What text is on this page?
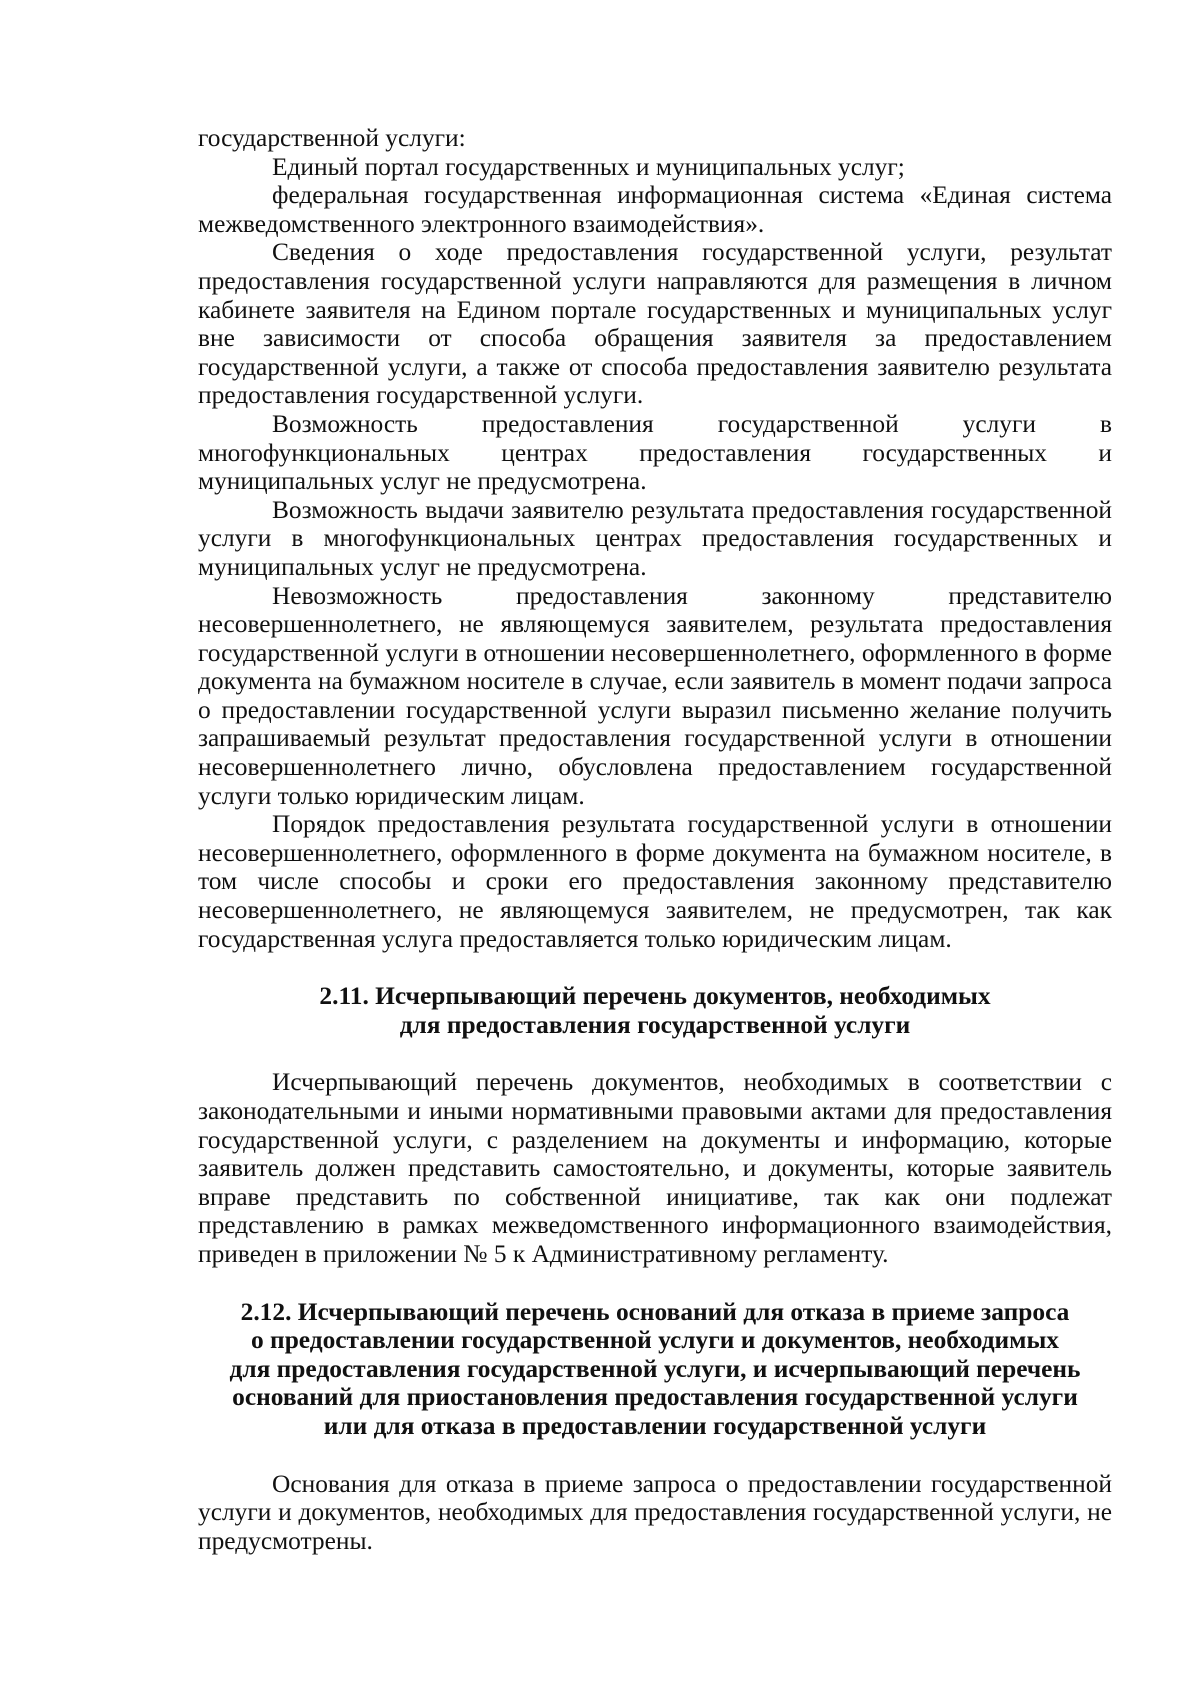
государственной услуги:

Единый портал государственных и муниципальных услуг;

федеральная государственная информационная система «Единая система межведомственного электронного взаимодействия».

Сведения о ходе предоставления государственной услуги, результат предоставления государственной услуги направляются для размещения в личном кабинете заявителя на Едином портале государственных и муниципальных услуг вне зависимости от способа обращения заявителя за предоставлением государственной услуги, а также от способа предоставления заявителю результата предоставления государственной услуги.

Возможность предоставления государственной услуги в многофункциональных центрах предоставления государственных и муниципальных услуг не предусмотрена.

Возможность выдачи заявителю результата предоставления государственной услуги в многофункциональных центрах предоставления государственных и муниципальных услуг не предусмотрена.

Невозможность предоставления законному представителю несовершеннолетнего, не являющемуся заявителем, результата предоставления государственной услуги в отношении несовершеннолетнего, оформленного в форме документа на бумажном носителе в случае, если заявитель в момент подачи запроса о предоставлении государственной услуги выразил письменно желание получить запрашиваемый результат предоставления государственной услуги в отношении несовершеннолетнего лично, обусловлена предоставлением государственной услуги только юридическим лицам.

Порядок предоставления результата государственной услуги в отношении несовершеннолетнего, оформленного в форме документа на бумажном носителе, в том числе способы и сроки его предоставления законному представителю несовершеннолетнего, не являющемуся заявителем, не предусмотрен, так как государственная услуга предоставляется только юридическим лицам.

2.11. Исчерпывающий перечень документов, необходимых
для предоставления государственной услуги

Исчерпывающий перечень документов, необходимых в соответствии с законодательными и иными нормативными правовыми актами для предоставления государственной услуги, с разделением на документы и информацию, которые заявитель должен представить самостоятельно, и документы, которые заявитель вправе представить по собственной инициативе, так как они подлежат представлению в рамках межведомственного информационного взаимодействия, приведен в приложении № 5 к Административному регламенту.

2.12. Исчерпывающий перечень оснований для отказа в приеме запроса
о предоставлении государственной услуги и документов, необходимых
для предоставления государственной услуги, и исчерпывающий перечень
оснований для приостановления предоставления государственной услуги
или для отказа в предоставлении государственной услуги

Основания для отказа в приеме запроса о предоставлении государственной услуги и документов, необходимых для предоставления государственной услуги, не предусмотрены.
